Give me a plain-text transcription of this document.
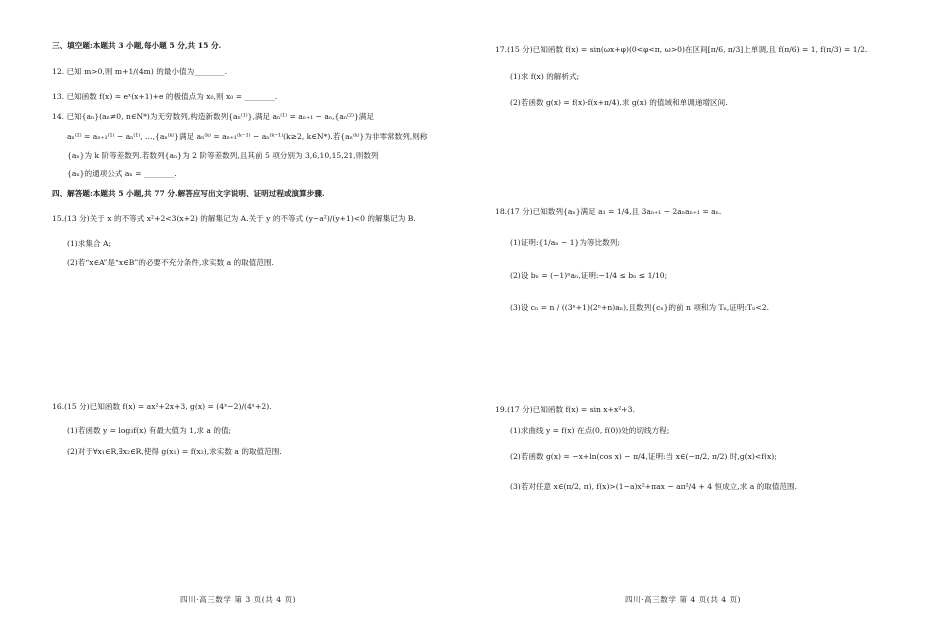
三、填空题:本题共 3 小题,每小题 5 分,共 15 分.
12. 已知 m>0,则 m+1/(4m) 的最小值为________.
13. 已知函数 f(x) = eˣ(x+1)+e 的极值点为 x₀,则 x₀ = ________.
14. 已知{aₙ}(aₙ≠0, n∈N*)为无穷数列,构造新数列{aₙ⁽¹⁾},满足 aₙ⁽¹⁾ = aₙ₊₁ − aₙ,{aₙ⁽²⁾}满足
aₙ⁽²⁾ = aₙ₊₁⁽¹⁾ − aₙ⁽¹⁾, …,{aₙ⁽ᵏ⁾}满足 aₙ⁽ᵏ⁾ = aₙ₊₁⁽ᵏ⁻¹⁾ − aₙ⁽ᵏ⁻¹⁾(k≥2, k∈N*).若{aₙ⁽ᵏ⁾}为非零常数列,则称
{aₙ}为 k 阶等差数列.若数列{aₙ}为 2 阶等差数列,且其前 5 项分别为 3,6,10,15,21,则数列
{aₙ}的通项公式 aₙ = ________.
四、解答题:本题共 5 小题,共 77 分.解答应写出文字说明、证明过程或演算步骤.
15.(13 分)关于 x 的不等式 x²+2<3(x+2) 的解集记为 A.关于 y 的不等式 (y−a²)/(y+1)<0 的解集记为 B.
(1)求集合 A;
(2)若“x∈A”是“x∈B”的必要不充分条件,求实数 a 的取值范围.
16.(15 分)已知函数 f(x) = ax²+2x+3, g(x) = (4ˣ−2)/(4ˣ+2).
(1)若函数 y = log₃f(x) 有最大值为 1,求 a 的值;
(2)对于∀x₁∈R,∃x₂∈R,使得 g(x₁) = f(x₂),求实数 a 的取值范围.
四川·高三数学 第 3 页(共 4 页)
17.(15 分)已知函数 f(x) = sin(ωx+φ)(0<φ<π, ω>0)在区间[π/6, π/3]上单调,且 f(π/6) = 1, f(π/3) = 1/2.
(1)求 f(x) 的解析式;
(2)若函数 g(x) = f(x)·f(x+π/4),求 g(x) 的值域和单调递增区间.
18.(17 分)已知数列{aₙ}满足 a₁ = 1/4,且 3aₙ₊₁ − 2aₙaₙ₊₁ = aₙ.
(1)证明:{1/aₙ − 1}为等比数列;
(2)设 bₙ = (−1)ⁿaₙ,证明:−1/4 ≤ bₙ ≤ 1/10;
(3)设 cₙ = n / ((3ⁿ+1)(2ⁿ+n)aₙ),且数列{cₙ}的前 n 项和为 Tₙ,证明:Tₙ<2.
19.(17 分)已知函数 f(x) = sin x+x²+3.
(1)求曲线 y = f(x) 在点(0, f(0))处的切线方程;
(2)若函数 g(x) = −x+ln(cos x) − π/4,证明:当 x∈(−π/2, π/2) 时,g(x)<f(x);
(3)若对任意 x∈(π/2, π), f(x)>(1−a)x²+πax − aπ²/4 + 4 恒成立,求 a 的取值范围.
四川·高三数学 第 4 页(共 4 页)
